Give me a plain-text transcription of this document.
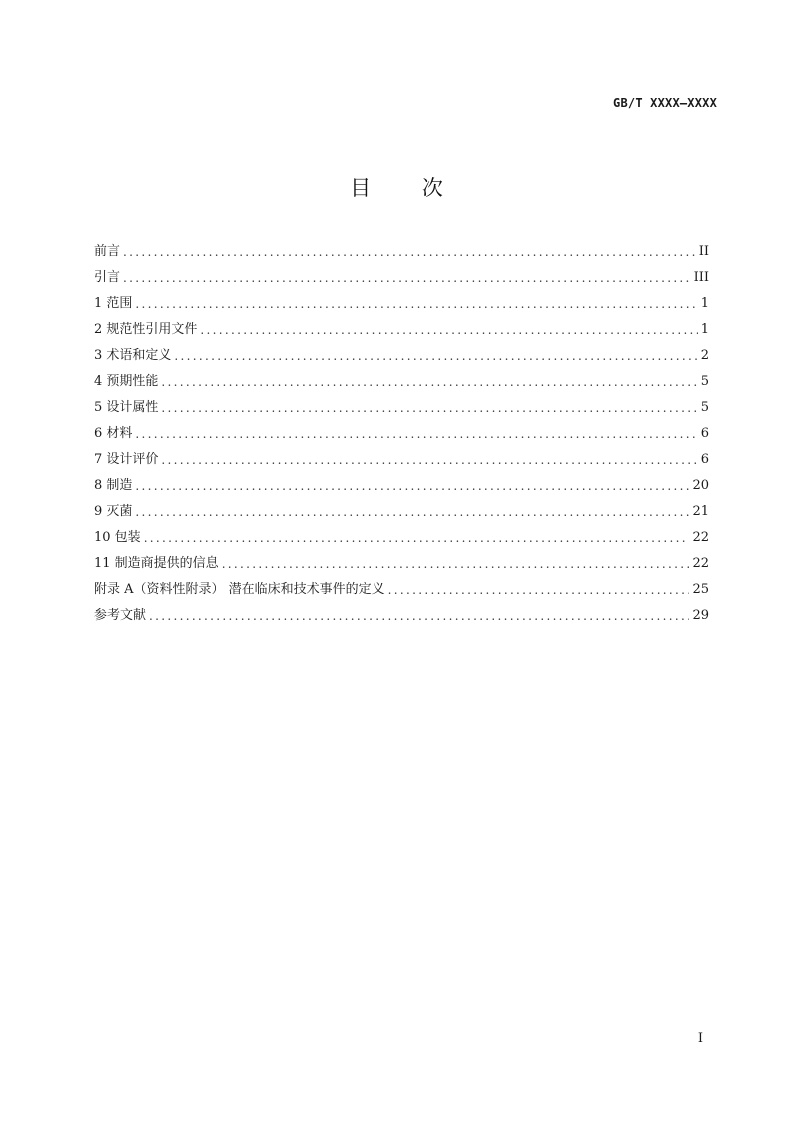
GB/T XXXX—XXXX
目 次
前言 .....	II
引言 .....	III
1 范围 .....	1
2 规范性引用文件 .....	1
3 术语和定义 .....	2
4 预期性能 .....	5
5 设计属性 .....	5
6 材料 .....	6
7 设计评价 .....	6
8 制造 .....	20
9 灭菌 .....	21
10 包装 .....	22
11 制造商提供的信息 .....	22
附录 A（资料性附录） 潜在临床和技术事件的定义 .....	25
参考文献 .....	29
I
